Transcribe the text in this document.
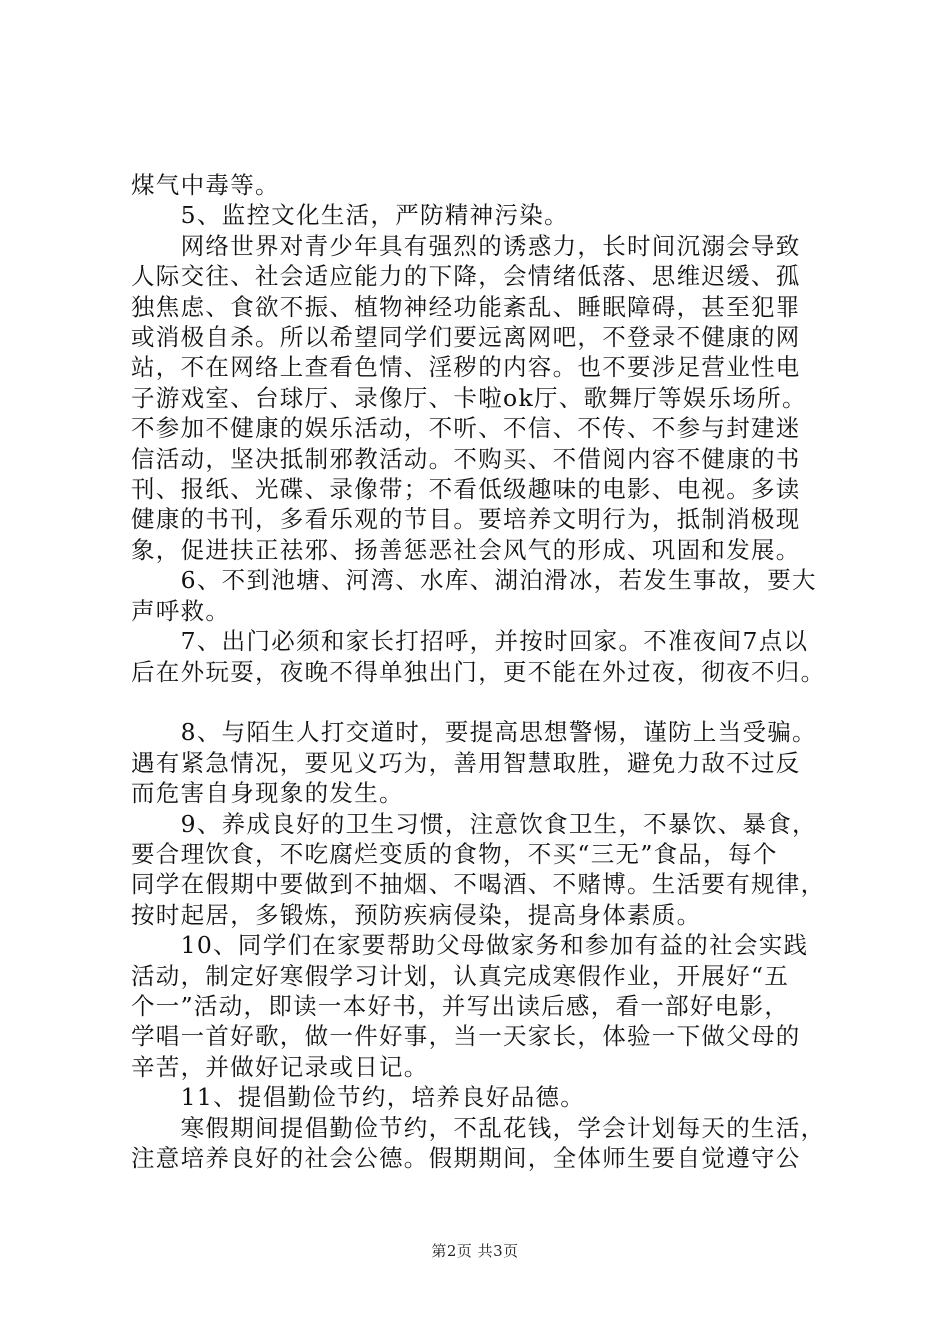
煤气中毒等。

　　5、监控文化生活，严防精神污染。

　　网络世界对青少年具有强烈的诱惑力，长时间沉溺会导致
人际交往、社会适应能力的下降，会情绪低落、思维迟缓、孤
独焦虑、食欲不振、植物神经功能紊乱、睡眠障碍，甚至犯罪
或消极自杀。所以希望同学们要远离网吧，不登录不健康的网
站，不在网络上查看色情、淫秽的内容。也不要涉足营业性电
子游戏室、台球厅、录像厅、卡啦ok厅、歌舞厅等娱乐场所。
不参加不健康的娱乐活动，不听、不信、不传、不参与封建迷
信活动，坚决抵制邪教活动。不购买、不借阅内容不健康的书
刊、报纸、光碟、录像带；不看低级趣味的电影、电视。多读
健康的书刊，多看乐观的节目。要培养文明行为，抵制消极现
象，促进扶正祛邪、扬善惩恶社会风气的形成、巩固和发展。

　　6、不到池塘、河湾、水库、湖泊滑冰，若发生事故，要大
声呼救。

　　7、出门必须和家长打招呼，并按时回家。不准夜间7点以
后在外玩耍，夜晚不得单独出门，更不能在外过夜，彻夜不归。

　　8、与陌生人打交道时，要提高思想警惕，谨防上当受骗。
遇有紧急情况，要见义巧为，善用智慧取胜，避免力敌不过反
而危害自身现象的发生。

　　9、养成良好的卫生习惯，注意饮食卫生，不暴饮、暴食，
要合理饮食，不吃腐烂变质的食物，不买“三无”食品，每个
同学在假期中要做到不抽烟、不喝酒、不赌博。生活要有规律，
按时起居，多锻炼，预防疾病侵染，提高身体素质。

　　10、同学们在家要帮助父母做家务和参加有益的社会实践
活动，制定好寒假学习计划，认真完成寒假作业，开展好“五
个一”活动，即读一本好书，并写出读后感，看一部好电影，
学唱一首好歌，做一件好事，当一天家长，体验一下做父母的
辛苦，并做好记录或日记。

　　11、提倡勤俭节约，培养良好品德。

　　寒假期间提倡勤俭节约，不乱花钱，学会计划每天的生活，
注意培养良好的社会公德。假期期间，全体师生要自觉遵守公

第2页 共3页
